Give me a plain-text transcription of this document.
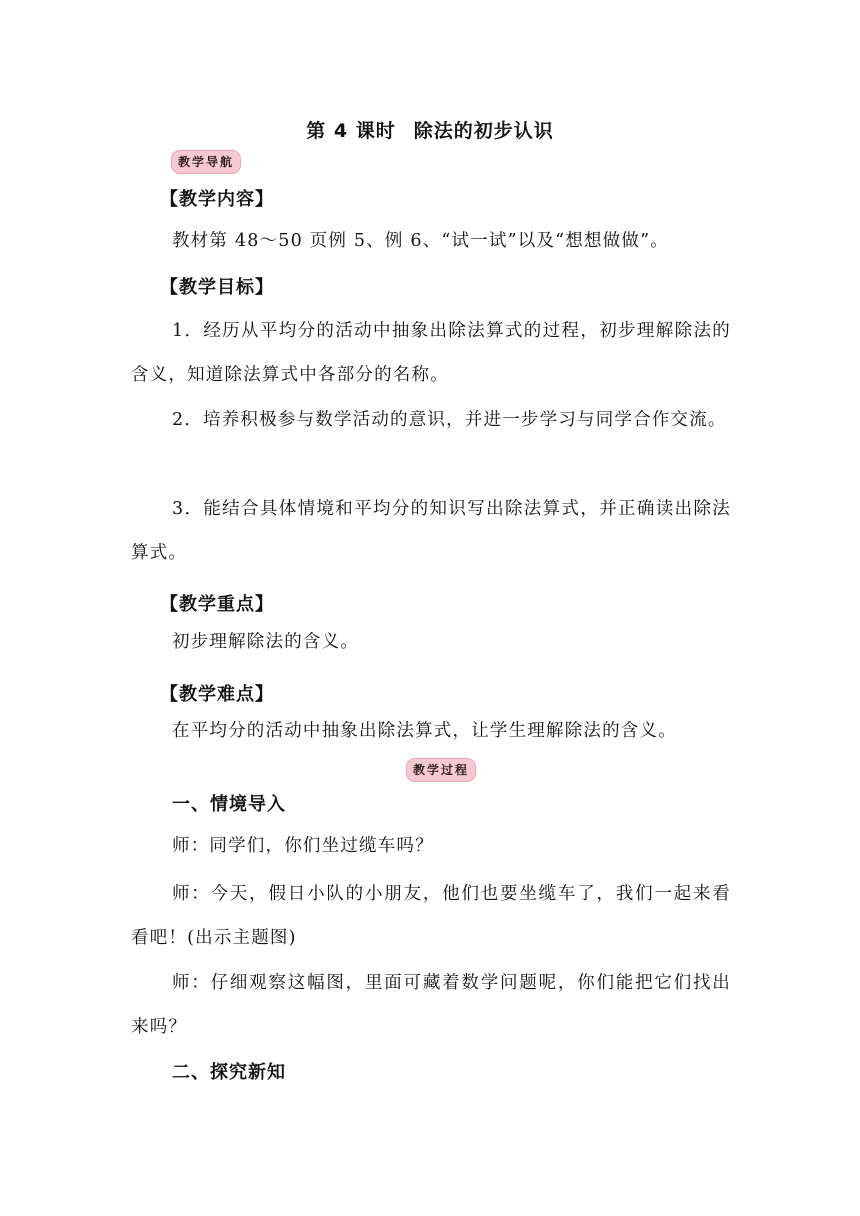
第 4 课时 除法的初步认识
教学导航
【教学内容】
教材第 48～50 页例 5、例 6、“试一试”以及“想想做做”。
【教学目标】
1．经历从平均分的活动中抽象出除法算式的过程，初步理解除法的含义，知道除法算式中各部分的名称。
2．培养积极参与数学活动的意识，并进一步学习与同学合作交流。
3．能结合具体情境和平均分的知识写出除法算式，并正确读出除法算式。
【教学重点】
初步理解除法的含义。
【教学难点】
在平均分的活动中抽象出除法算式，让学生理解除法的含义。
教学过程
一、情境导入
师：同学们，你们坐过缆车吗？
师：今天，假日小队的小朋友，他们也要坐缆车了，我们一起来看看吧！(出示主题图)
师：仔细观察这幅图，里面可藏着数学问题呢，你们能把它们找出来吗？
二、探究新知
